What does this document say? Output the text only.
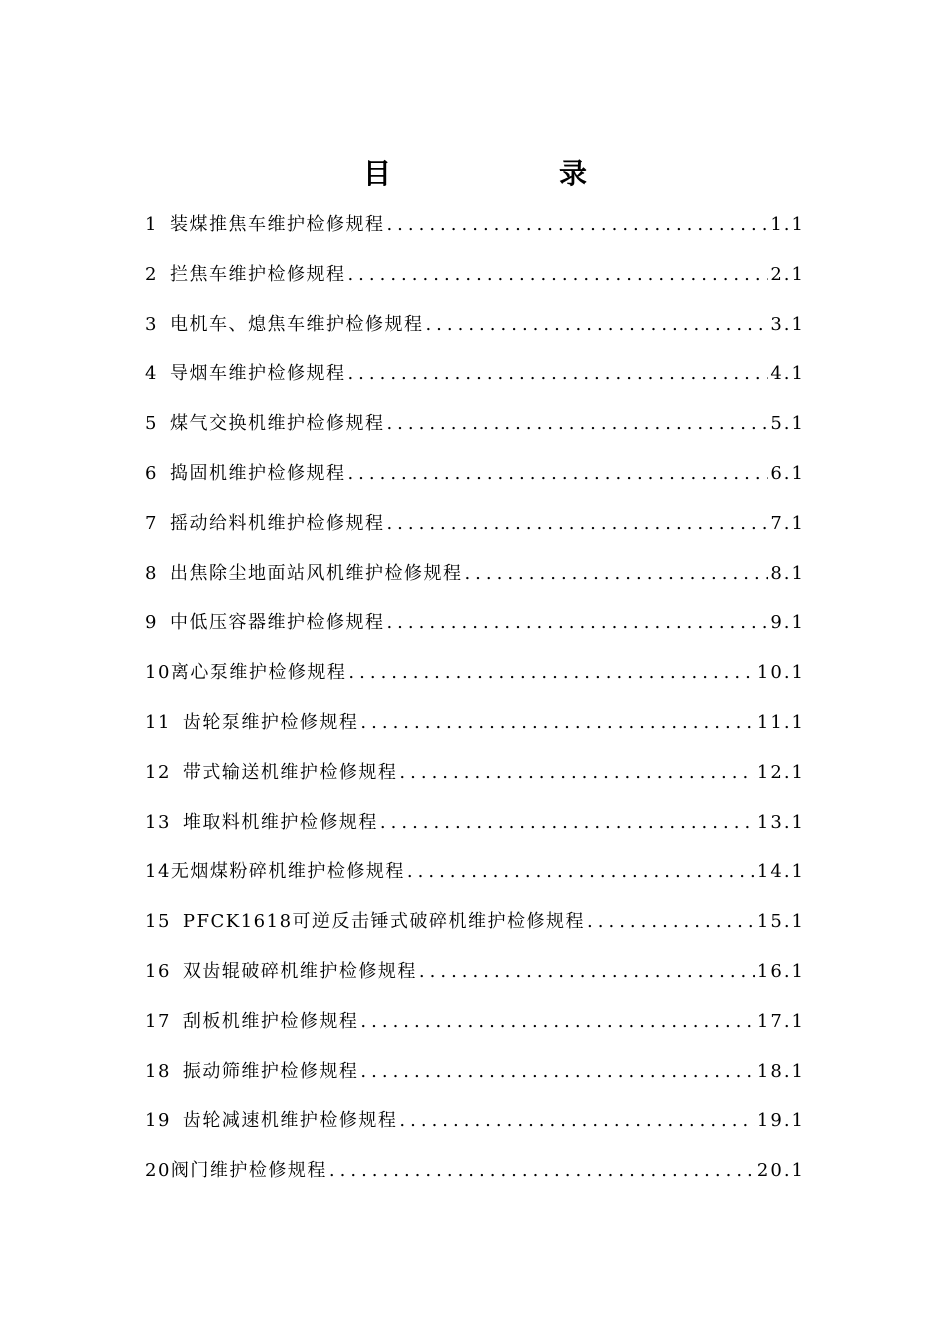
目　录
1 装煤推焦车维护检修规程 .....	1.1
2 拦焦车维护检修规程 .....	2.1
3 电机车、熄焦车维护检修规程 .....	3.1
4 导烟车维护检修规程 .....	4.1
5 煤气交换机维护检修规程 .....	5.1
6 捣固机维护检修规程 .....	6.1
7 摇动给料机维护检修规程 .....	7.1
8 出焦除尘地面站风机维护检修规程 .....	8.1
9 中低压容器维护检修规程 .....	9.1
10 离心泵维护检修规程 .....	10.1
11 齿轮泵维护检修规程 .....	11.1
12 带式输送机维护检修规程 .....	12.1
13 堆取料机维护检修规程 .....	13.1
14 无烟煤粉碎机维护检修规程 .....	14.1
15 PFCK1618可逆反击锤式破碎机维护检修规程 .....	15.1
16 双齿辊破碎机维护检修规程 .....	16.1
17 刮板机维护检修规程 .....	17.1
18 振动筛维护检修规程 .....	18.1
19 齿轮减速机维护检修规程 .....	19.1
20 阀门维护检修规程 .....	20.1
